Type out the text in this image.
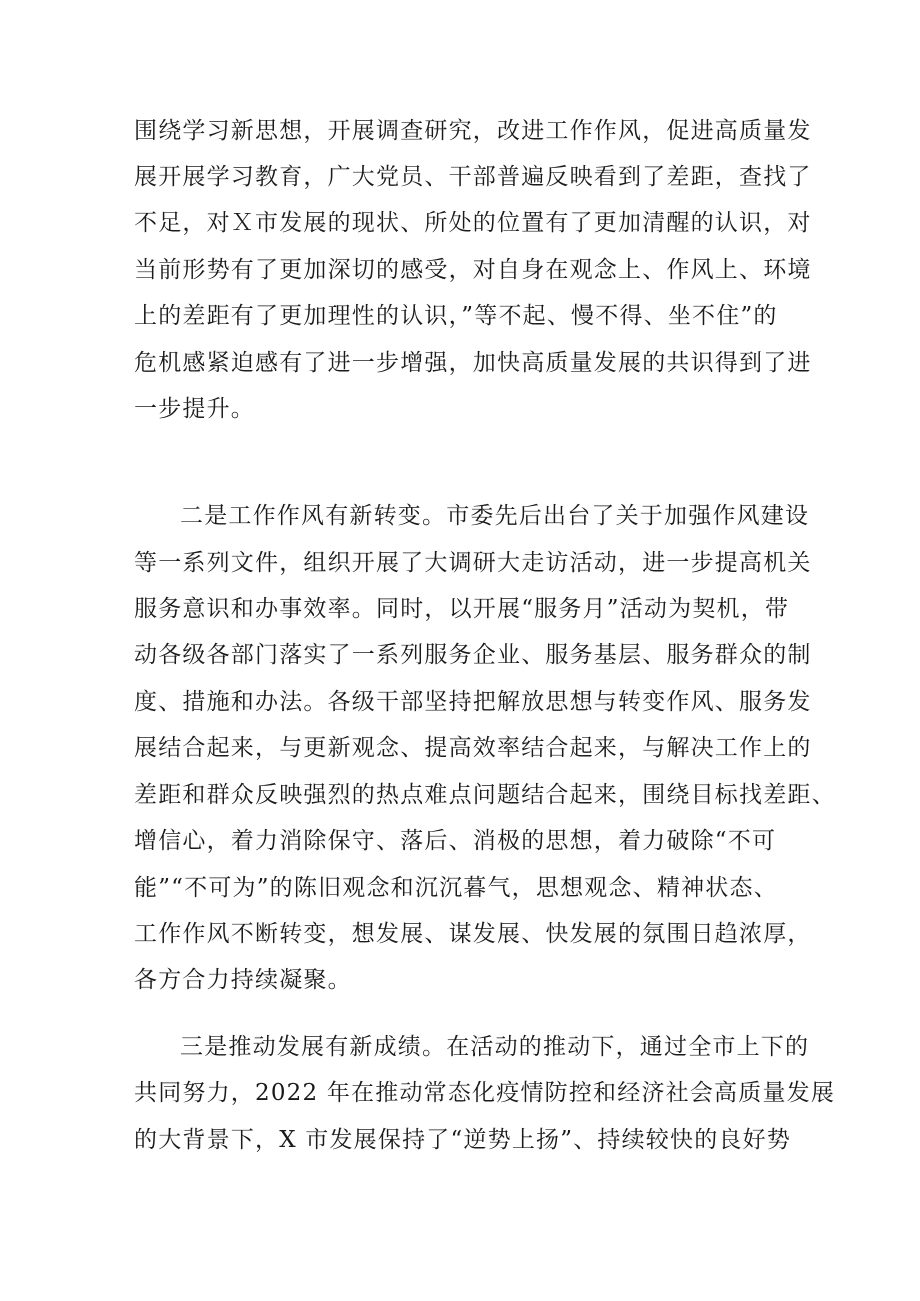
围绕学习新思想，开展调查研究，改进工作作风，促进高质量发
展开展学习教育，广大党员、干部普遍反映看到了差距，查找了
不足，对Ｘ市发展的现状、所处的位置有了更加清醒的认识，对
当前形势有了更加深切的感受，对自身在观念上、作风上、环境
上的差距有了更加理性的认识，”等不起、慢不得、坐不住”的
危机感紧迫感有了进一步增强，加快高质量发展的共识得到了进
一步提升。
二是工作作风有新转变。市委先后出台了关于加强作风建设
等一系列文件，组织开展了大调研大走访活动，进一步提高机关
服务意识和办事效率。同时，以开展“服务月”活动为契机，带
动各级各部门落实了一系列服务企业、服务基层、服务群众的制
度、措施和办法。各级干部坚持把解放思想与转变作风、服务发
展结合起来，与更新观念、提高效率结合起来，与解决工作上的
差距和群众反映强烈的热点难点问题结合起来，围绕目标找差距、
增信心，着力消除保守、落后、消极的思想，着力破除“不可
能”“不可为”的陈旧观念和沉沉暮气，思想观念、精神状态、
工作作风不断转变，想发展、谋发展、快发展的氛围日趋浓厚，
各方合力持续凝聚。
三是推动发展有新成绩。在活动的推动下，通过全市上下的
共同努力，2022 年在推动常态化疫情防控和经济社会高质量发展
的大背景下，X 市发展保持了“逆势上扬”、持续较快的良好势
